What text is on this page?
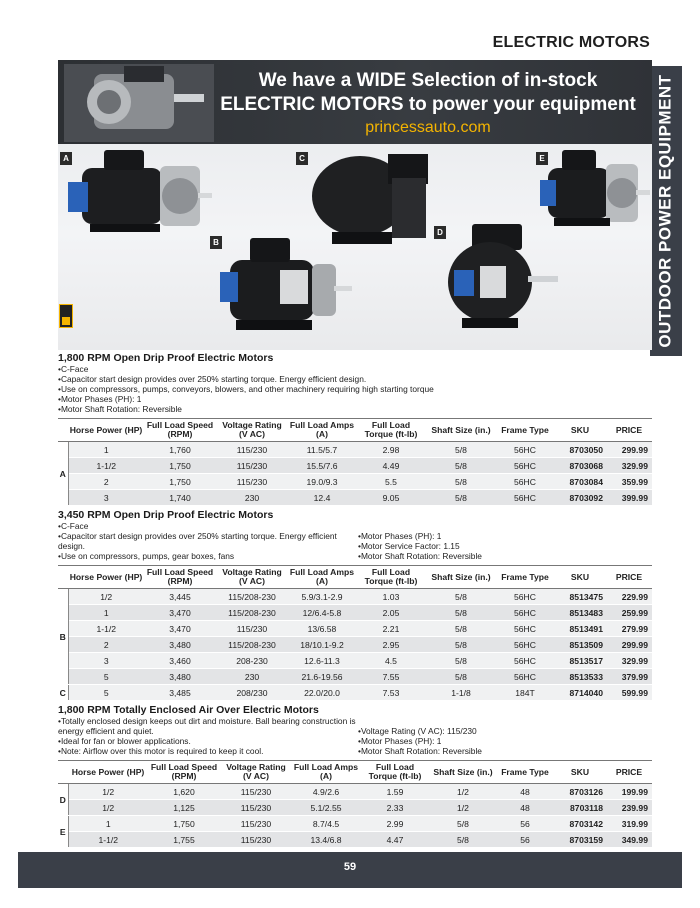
ELECTRIC MOTORS
OUTDOOR POWER EQUIPMENT
We have a WIDE Selection of in-stock
ELECTRIC MOTORS to power your equipment
princessauto.com
A
B
C
D
E
1,800 RPM Open Drip Proof Electric Motors
•C-Face
•Capacitor start design provides over 250% starting torque. Energy efficient design.
•Use on compressors, pumps, conveyors, blowers, and other machinery requiring high starting torque
•Motor Phases (PH): 1
•Motor Shaft Rotation: Reversible
	Horse Power (HP)	Full Load Speed (RPM)	Voltage Rating (V AC)	Full Load Amps (A)	Full Load Torque (ft-lb)	Shaft Size (in.)	Frame Type	SKU	PRICE
A	1	1,760	115/230	11.5/5.7	2.98	5/8	56HC	8703050	299.99
	1-1/2	1,750	115/230	15.5/7.6	4.49	5/8	56HC	8703068	329.99
	2	1,750	115/230	19.0/9.3	5.5	5/8	56HC	8703084	359.99
	3	1,740	230	12.4	9.05	5/8	56HC	8703092	399.99
3,450 RPM Open Drip Proof Electric Motors
•C-Face
•Capacitor start design provides over 250% starting torque. Energy efficient design.
•Use on compressors, pumps, gear boxes, fans
•Motor Phases (PH): 1
•Motor Service Factor: 1.15
•Motor Shaft Rotation: Reversible
	Horse Power (HP)	Full Load Speed (RPM)	Voltage Rating (V AC)	Full Load Amps (A)	Full Load Torque (ft-lb)	Shaft Size (in.)	Frame Type	SKU	PRICE
B	1/2	3,445	115/208-230	5.9/3.1-2.9	1.03	5/8	56HC	8513475	229.99
	1	3,470	115/208-230	12/6.4-5.8	2.05	5/8	56HC	8513483	259.99
	1-1/2	3,470	115/230	13/6.58	2.21	5/8	56HC	8513491	279.99
	2	3,480	115/208-230	18/10.1-9.2	2.95	5/8	56HC	8513509	299.99
	3	3,460	208-230	12.6-11.3	4.5	5/8	56HC	8513517	329.99
	5	3,480	230	21.6-19.56	7.55	5/8	56HC	8513533	379.99
C	5	3,485	208/230	22.0/20.0	7.53	1-1/8	184T	8714040	599.99
1,800 RPM Totally Enclosed Air Over Electric Motors
•Totally enclosed design keeps out dirt and moisture. Ball bearing construction is energy efficient and quiet.
•Ideal for fan or blower applications.
•Note: Airflow over this motor is required to keep it cool.
•Voltage Rating (V AC): 115/230
•Motor Phases (PH): 1
•Motor Shaft Rotation: Reversible
	Horse Power (HP)	Full Load Speed (RPM)	Voltage Rating (V AC)	Full Load Amps (A)	Full Load Torque (ft-lb)	Shaft Size (in.)	Frame Type	SKU	PRICE
D	1/2	1,620	115/230	4.9/2.6	1.59	1/2	48	8703126	199.99
	1/2	1,125	115/230	5.1/2.55	2.33	1/2	48	8703118	239.99
E	1	1,750	115/230	8.7/4.5	2.99	5/8	56	8703142	319.99
	1-1/2	1,755	115/230	13.4/6.8	4.47	5/8	56	8703159	349.99
59
